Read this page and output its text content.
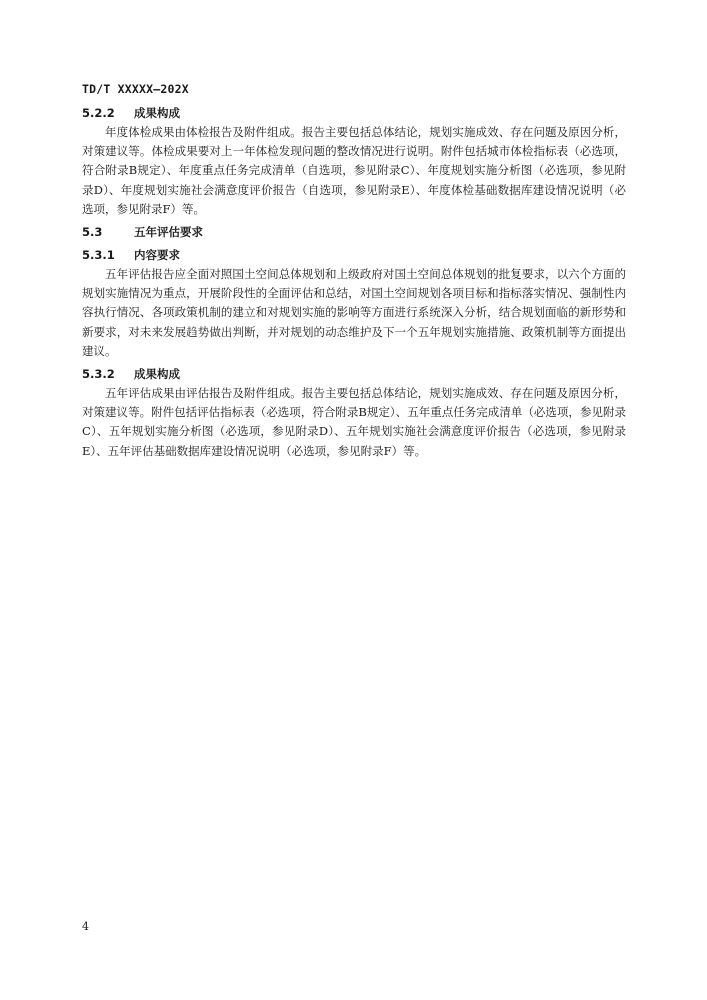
TD/T XXXXX—202X
5.2.2 成果构成

年度体检成果由体检报告及附件组成。报告主要包括总体结论，规划实施成效、存在问题及原因分析，对策建议等。体检成果要对上一年体检发现问题的整改情况进行说明。附件包括城市体检指标表（必选项，符合附录B规定）、年度重点任务完成清单（自选项，参见附录C）、年度规划实施分析图（必选项，参见附录D）、年度规划实施社会满意度评价报告（自选项，参见附录E）、年度体检基础数据库建设情况说明（必选项，参见附录F）等。

5.3	五年评估要求
5.3.1 内容要求

五年评估报告应全面对照国土空间总体规划和上级政府对国土空间总体规划的批复要求，以六个方面的规划实施情况为重点，开展阶段性的全面评估和总结，对国土空间规划各项目标和指标落实情况、强制性内容执行情况、各项政策机制的建立和对规划实施的影响等方面进行系统深入分析，结合规划面临的新形势和新要求，对未来发展趋势做出判断，并对规划的动态维护及下一个五年规划实施措施、政策机制等方面提出建议。

5.3.2 成果构成

五年评估成果由评估报告及附件组成。报告主要包括总体结论，规划实施成效、存在问题及原因分析，对策建议等。附件包括评估指标表（必选项，符合附录B规定）、五年重点任务完成清单（必选项，参见附录C）、五年规划实施分析图（必选项，参见附录D）、五年规划实施社会满意度评价报告（必选项，参见附录E）、五年评估基础数据库建设情况说明（必选项，参见附录F）等。

4
